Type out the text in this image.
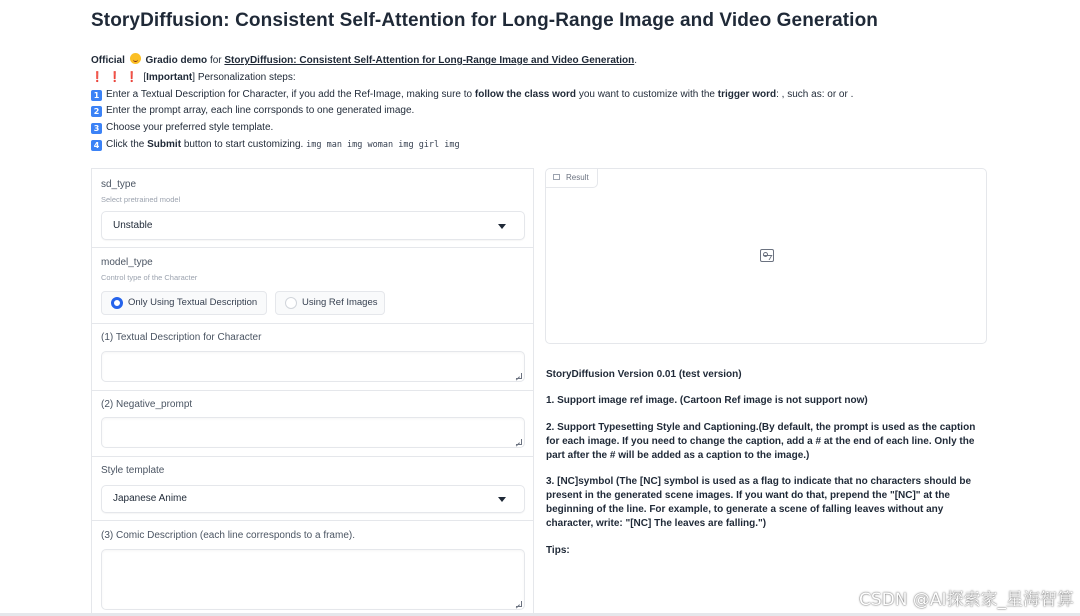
StoryDiffusion: Consistent Self-Attention for Long-Range Image and Video Generation
Official Gradio demo for StoryDiffusion: Consistent Self-Attention for Long-Range Image and Video Generation.
❗ ❗ ❗ [Important] Personalization steps:
1 Enter a Textual Description for Character, if you add the Ref-Image, making sure to follow the class word you want to customize with the trigger word: , such as: or or .
2 Enter the prompt array, each line corrsponds to one generated image.
3 Choose your preferred style template.
4 Click the Submit button to start customizing. img man img woman img girl img
sd_type
Select pretrained model
Unstable
model_type
Control type of the Character
Only Using Textual Description	Using Ref Images
(1) Textual Description for Character
(2) Negative_prompt
Style template
Japanese Anime
(3) Comic Description (each line corresponds to a frame).
Result

StoryDiffusion Version 0.01 (test version)

1. Support image ref image. (Cartoon Ref image is not support now)

2. Support Typesetting Style and Captioning.(By default, the prompt is used as the caption for each image. If you need to change the caption, add a # at the end of each line. Only the part after the # will be added as a caption to the image.)

3. [NC]symbol (The [NC] symbol is used as a flag to indicate that no characters should be present in the generated scene images. If you want do that, prepend the "[NC]" at the beginning of the line. For example, to generate a scene of falling leaves without any character, write: "[NC] The leaves are falling.")

Tips:

CSDN @AI探索家_星海智算
